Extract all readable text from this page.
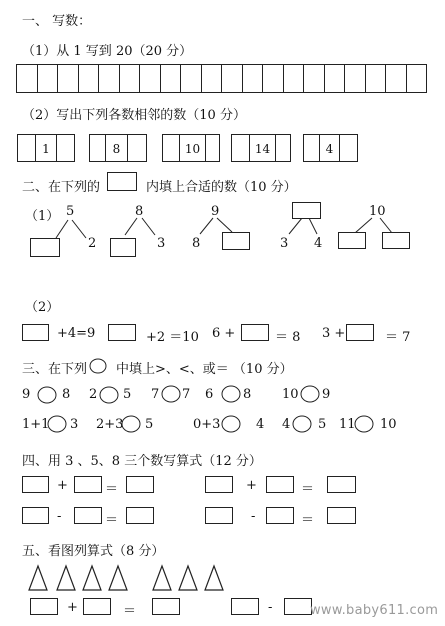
一、 写数：
（1）从 1 写到 20（20 分）
（2）写出下列各数相邻的数（10 分）
1	8	10	14	4
二、在下列的	内填上合适的数（10 分）
（1） 5
2
8
3
9
8	3 4
10
（2）
+4=9	+2 ＝10 6 +	＝ 8 3 +	＝ 7
三、在下列 中填上>、<、或＝ （10 分）
9 8 2 5 7 7 6 8 10 9
1+1 3 2+3 5	0+3	4 4 5 11 10
四、用 3 、5、8 三个数写算式（12 分）
+	＝	+	＝
-	＝	-	＝
五、看图列算式（8 分）
+	＝	-	www.baby611.com
